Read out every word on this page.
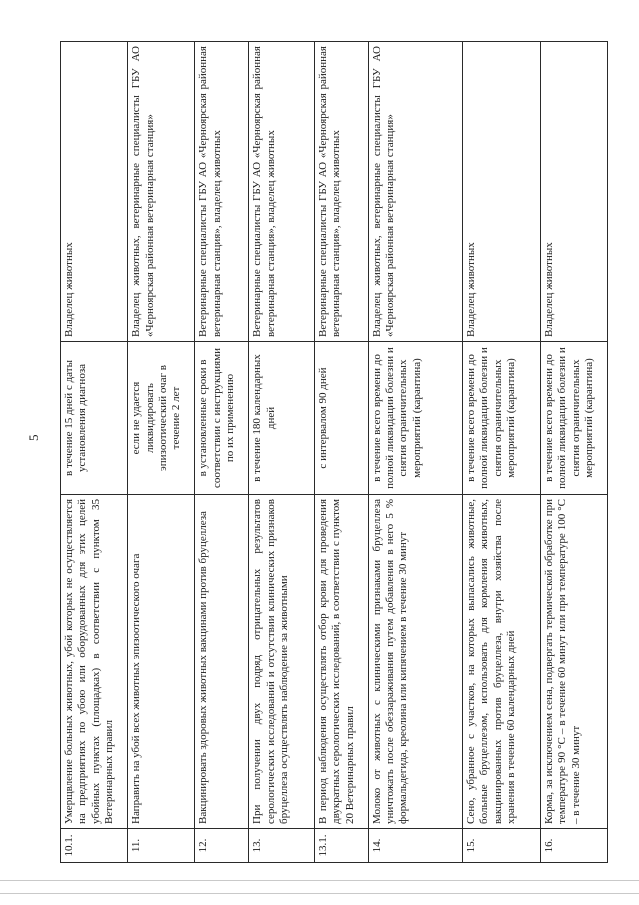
5
10.1.	Умерщвление больных животных, убой которых не осуществляется на предприятиях по убою или оборудованных для этих целей убойных пунктах (площадках) в соответствии с пунктом 35 Ветеринарных правил	в течение 15 дней с даты установления диагноза	Владелец животных
11.	Направить на убой всех животных эпизоотического очага	если не удается ликвидировать эпизоотический очаг в течение 2 лет	Владелец животных, ветеринарные специалисты ГБУ АО «Чернoярская районная ветеринарная станция»
12.	Вакцинировать здоровых животных вакцинами против бруцеллеза	в установленные сроки в соответствии с инструкциями по их применению	Ветеринарные специалисты ГБУ АО «Чернoярская районная ветеринарная станция», владелец животных
13.	При получении двух подряд отрицательных результатов серологических исследований и отсутствии клинических признаков бруцеллеза осуществлять наблюдение за животными	в течение 180 календарных дней	Ветеринарные специалисты ГБУ АО «Чернoярская районная ветеринарная станция», владелец животных
13.1.	В период наблюдения осуществлять отбор крови для проведения двукратных серологических исследований, в соответствии с пунктом 20 Ветеринарных правил	с интервалом 90 дней	Ветеринарные специалисты ГБУ АО «Чернoярская районная ветеринарная станция», владелец животных
14.	Молоко от животных с клиническими признаками бруцеллеза уничтожать после обеззараживания путем добавления в него 5 % формальдегида, креолина или кипячением в течение 30 минут	в течение всего времени до полной ликвидации болезни и снятия ограничительных мероприятий (карантина)	Владелец животных, ветеринарные специалисты ГБУ АО «Чернoярская районная ветеринарная станция»
15.	Сено, убранное с участков, на которых выпасались животные, больные бруцеллезом, использовать для кормления животных, вакцинированных против бруцеллеза, внутри хозяйства после хранения в течение 60 календарных дней	в течение всего времени до полной ликвидации болезни и снятия ограничительных мероприятий (карантина)	Владелец животных
16.	Корма, за исключением сена, подвергать термической обработке при температуре 90 °С – в течение 60 минут или при температуре 100 °С – в течение 30 минут	в течение всего времени до полной ликвидации болезни и снятия ограничительных мероприятий (карантина)	Владелец животных
